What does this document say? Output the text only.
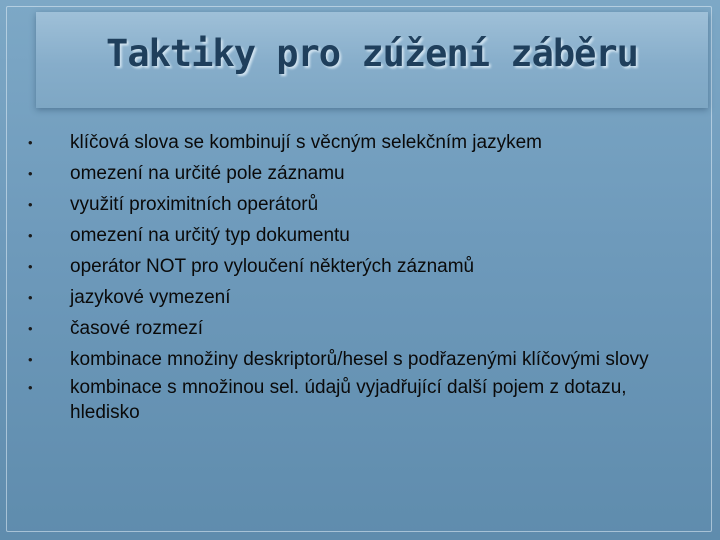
Taktiky pro zúžení záběru
• klíčová slova se kombinují s věcným selekčním jazykem
• omezení na určité pole záznamu
• využití proximitních operátorů
• omezení na určitý typ dokumentu
• operátor NOT pro vyloučení některých záznamů
• jazykové vymezení
• časové rozmezí
• kombinace množiny deskriptorů/hesel s podřazenými klíčovými slovy
• kombinace s množinou sel. údajů vyjadřující další pojem z dotazu, hledisko
